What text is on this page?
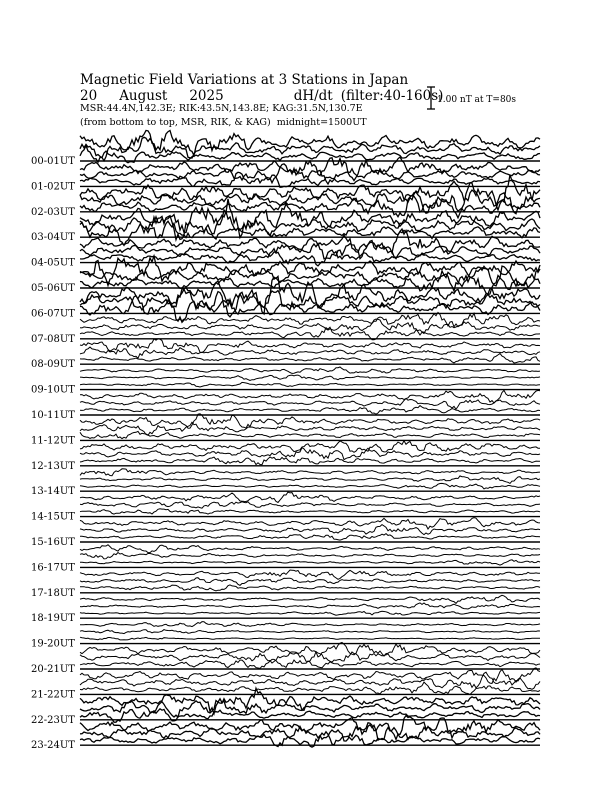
Magnetic Field Variations at 3 Stations in Japan
20 August 2025	dH/dt (filter:40-160s)
MSR:44.4N,142.3E; RIK:43.5N,143.8E; KAG:31.5N,130.7E
(from bottom to top, MSR, RIK, & KAG) midnight=1500UT
1.00 nT at T=80s
00-01UT
01-02UT
02-03UT
03-04UT
04-05UT
05-06UT
06-07UT
07-08UT
08-09UT
09-10UT
10-11UT
11-12UT
12-13UT
13-14UT
14-15UT
15-16UT
16-17UT
17-18UT
18-19UT
19-20UT
20-21UT
21-22UT
22-23UT
23-24UT
